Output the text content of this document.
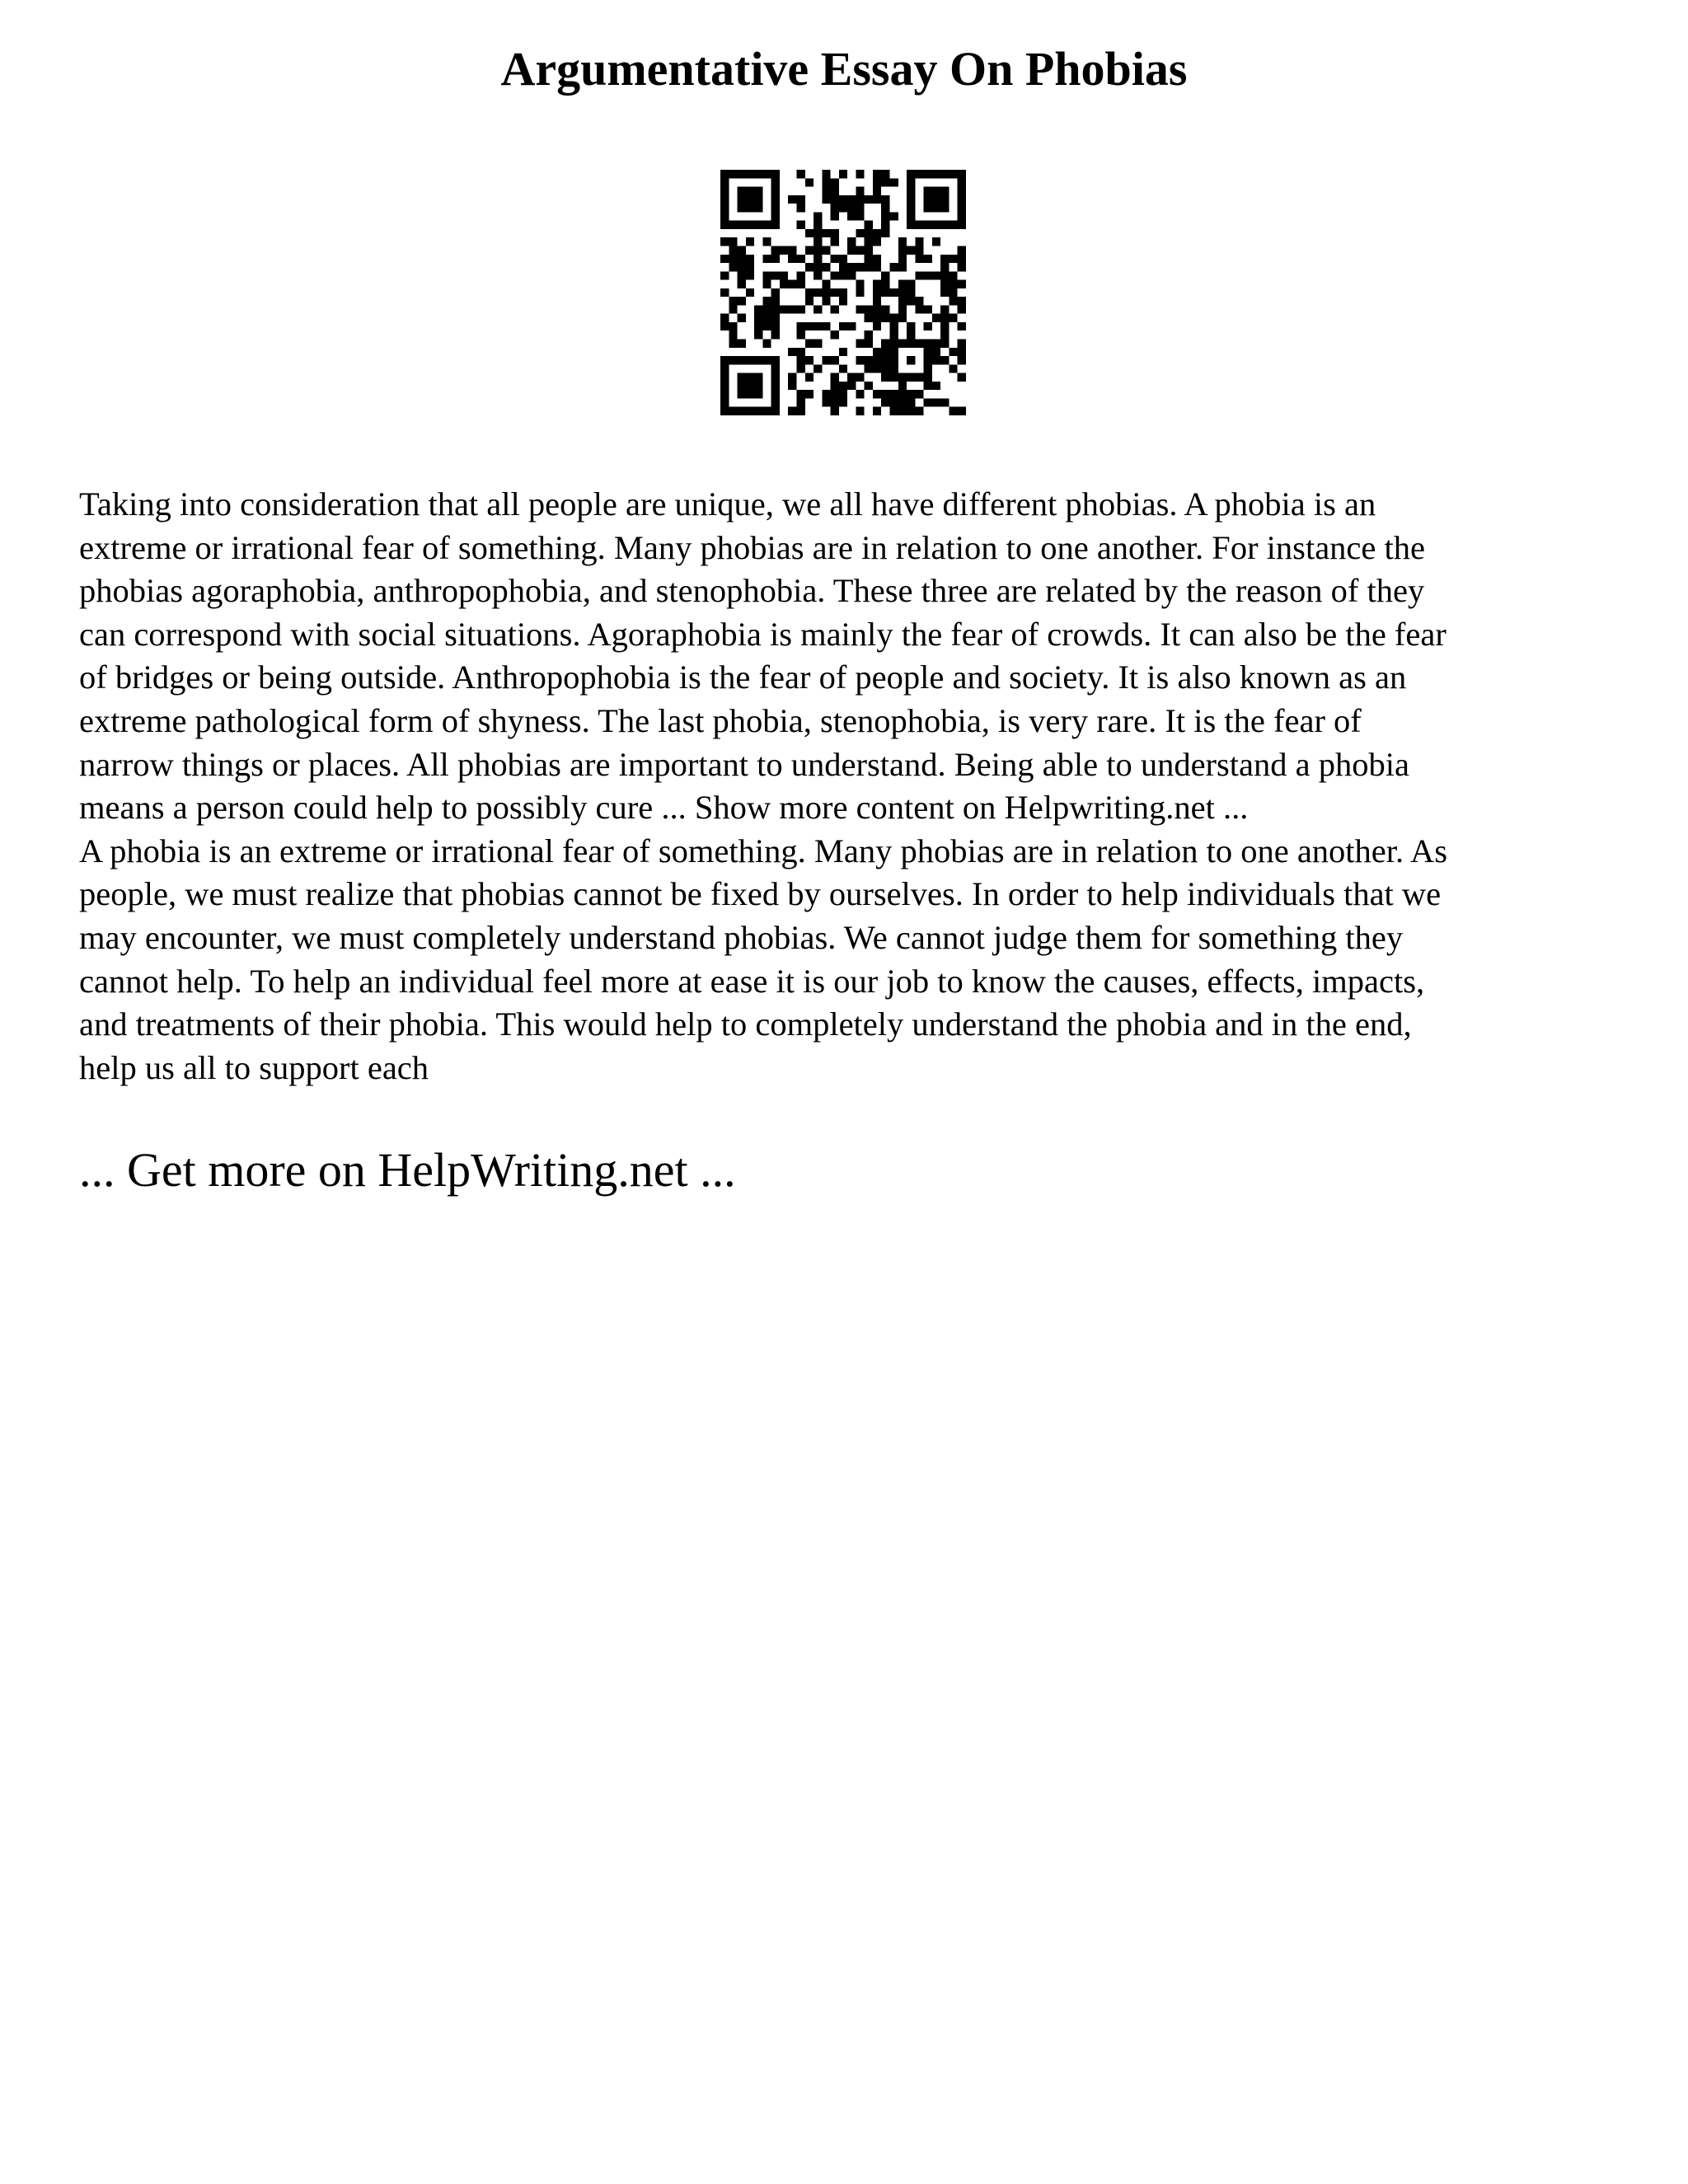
Argumentative Essay On Phobias
Taking into consideration that all people are unique, we all have different phobias. A phobia is an
extreme or irrational fear of something. Many phobias are in relation to one another. For instance the
phobias agoraphobia, anthropophobia, and stenophobia. These three are related by the reason of they
can correspond with social situations. Agoraphobia is mainly the fear of crowds. It can also be the fear
of bridges or being outside. Anthropophobia is the fear of people and society. It is also known as an
extreme pathological form of shyness. The last phobia, stenophobia, is very rare. It is the fear of
narrow things or places. All phobias are important to understand. Being able to understand a phobia
means a person could help to possibly cure ... Show more content on Helpwriting.net ...
A phobia is an extreme or irrational fear of something. Many phobias are in relation to one another. As
people, we must realize that phobias cannot be fixed by ourselves. In order to help individuals that we
may encounter, we must completely understand phobias. We cannot judge them for something they
cannot help. To help an individual feel more at ease it is our job to know the causes, effects, impacts,
and treatments of their phobia. This would help to completely understand the phobia and in the end,
help us all to support each

... Get more on HelpWriting.net ...
